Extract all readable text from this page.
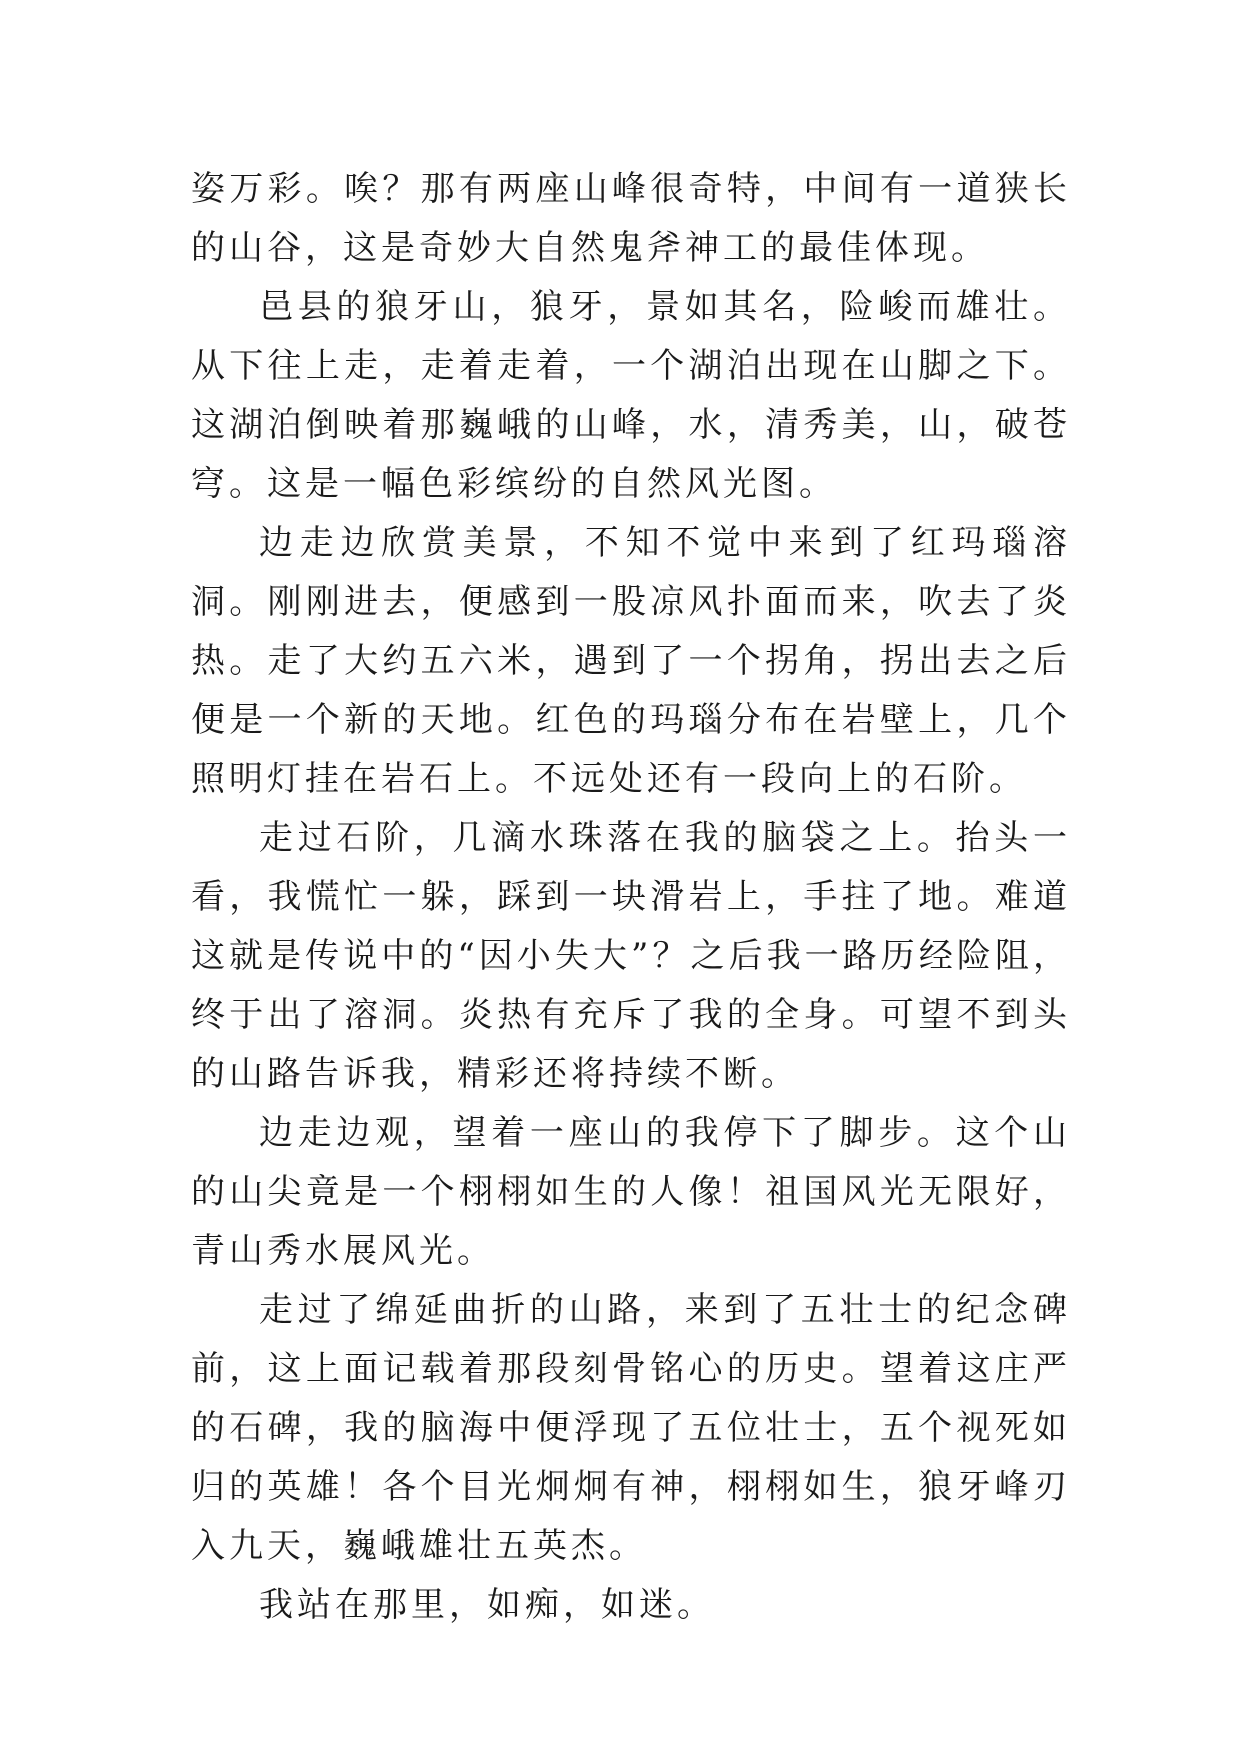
姿万彩。唉？那有两座山峰很奇特，中间有一道狭长的山谷，这是奇妙大自然鬼斧神工的最佳体现。

邑县的狼牙山，狼牙，景如其名，险峻而雄壮。从下往上走，走着走着，一个湖泊出现在山脚之下。这湖泊倒映着那巍峨的山峰，水，清秀美，山，破苍穹。这是一幅色彩缤纷的自然风光图。

边走边欣赏美景，不知不觉中来到了红玛瑙溶洞。刚刚进去，便感到一股凉风扑面而来，吹去了炎热。走了大约五六米，遇到了一个拐角，拐出去之后便是一个新的天地。红色的玛瑙分布在岩壁上，几个照明灯挂在岩石上。不远处还有一段向上的石阶。

走过石阶，几滴水珠落在我的脑袋之上。抬头一看，我慌忙一躲，踩到一块滑岩上，手拄了地。难道这就是传说中的“因小失大”？之后我一路历经险阻，终于出了溶洞。炎热有充斥了我的全身。可望不到头的山路告诉我，精彩还将持续不断。

边走边观，望着一座山的我停下了脚步。这个山的山尖竟是一个栩栩如生的人像！祖国风光无限好，青山秀水展风光。

走过了绵延曲折的山路，来到了五壮士的纪念碑前，这上面记载着那段刻骨铭心的历史。望着这庄严的石碑，我的脑海中便浮现了五位壮士，五个视死如归的英雄！各个目光炯炯有神，栩栩如生，狼牙峰刃入九天，巍峨雄壮五英杰。

我站在那里，如痴，如迷。
